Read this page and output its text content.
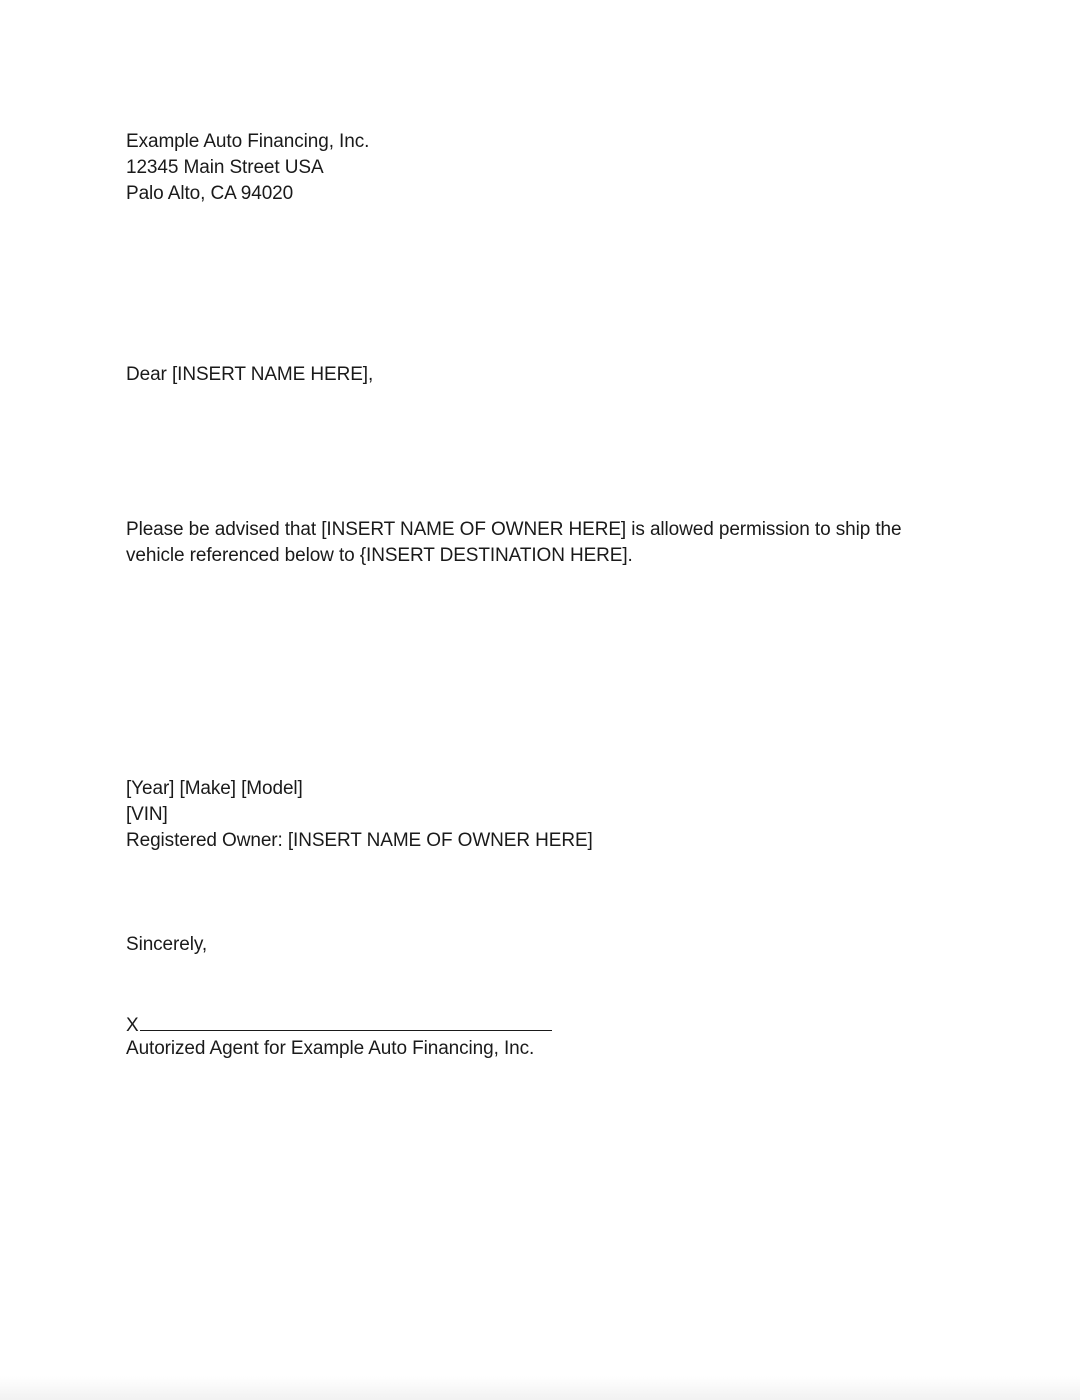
Example Auto Financing, Inc.
12345 Main Street USA
Palo Alto, CA 94020
Dear [INSERT NAME HERE],
Please be advised that [INSERT NAME OF OWNER HERE] is allowed permission to ship the
vehicle referenced below to {INSERT DESTINATION HERE].
[Year] [Make] [Model]
[VIN]
Registered Owner: [INSERT NAME OF OWNER HERE]
Sincerely,
X
Autorized Agent for Example Auto Financing, Inc.
